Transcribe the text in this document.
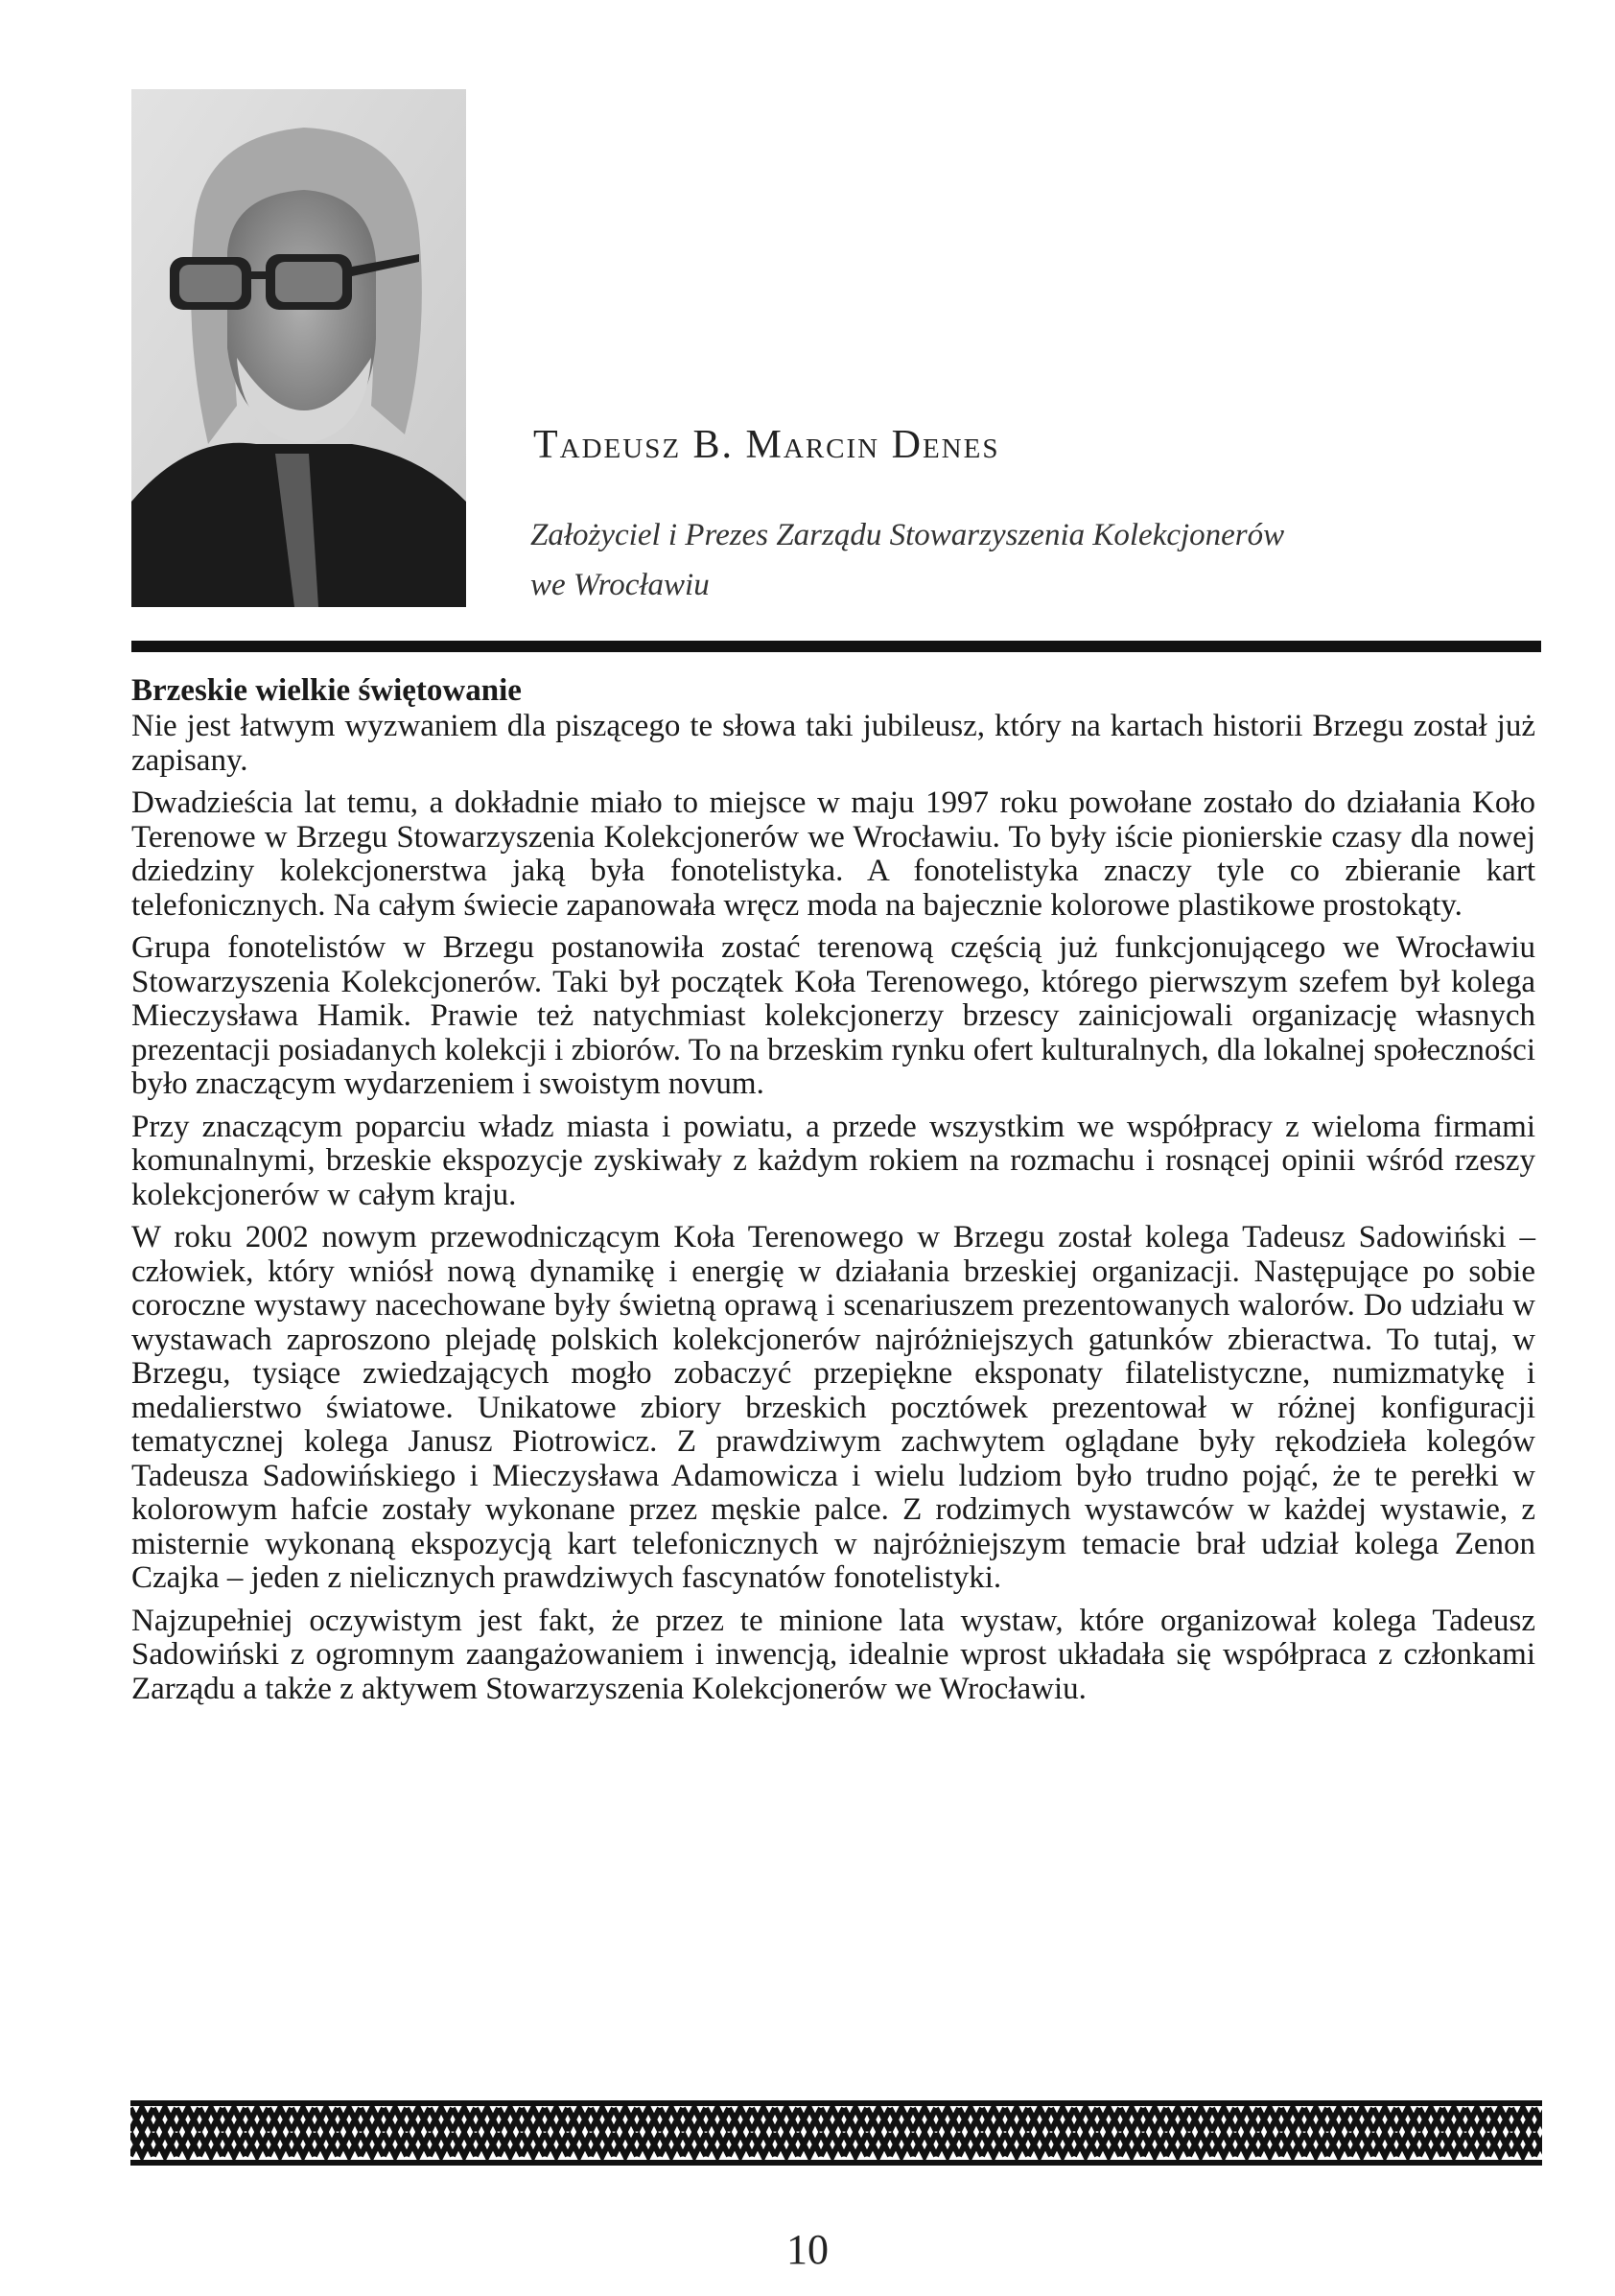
Tadeusz B. Marcin Denes
Założyciel i Prezes Zarządu Stowarzyszenia Kolekcjonerów
we Wrocławiu
Brzeskie wielkie świętowanie

Nie jest łatwym wyzwaniem dla piszącego te słowa taki jubileusz, który na kartach historii Brzegu został już zapisany.

Dwadzieścia lat temu, a dokładnie miało to miejsce w maju 1997 roku powołane zostało do działania Koło Terenowe w Brzegu Stowarzyszenia Kolekcjonerów we Wrocławiu. To były iście pionierskie czasy dla nowej dziedziny kolekcjonerstwa jaką była fonotelistyka. A fonotelistyka znaczy tyle co zbieranie kart telefonicznych. Na całym świecie zapanowała wręcz moda na bajecznie kolorowe plastikowe prostokąty.

Grupa fonotelistów w Brzegu postanowiła zostać terenową częścią już funkcjonującego we Wrocławiu Stowarzyszenia Kolekcjonerów. Taki był początek Koła Terenowego, którego pierwszym szefem był kolega Mieczysława Hamik. Prawie też natychmiast kolekcjonerzy brzescy zainicjowali organizację własnych prezentacji posiadanych kolekcji i zbiorów. To na brzeskim rynku ofert kulturalnych, dla lokalnej społeczności było znaczącym wydarzeniem i swoistym novum.

Przy znaczącym poparciu władz miasta i powiatu, a przede wszystkim we współpracy z wieloma firmami komunalnymi, brzeskie ekspozycje zyskiwały z każdym rokiem na rozmachu i rosnącej opinii wśród rzeszy kolekcjonerów w całym kraju.

W roku 2002 nowym przewodniczącym Koła Terenowego w Brzegu został kolega Tadeusz Sadowiński – człowiek, który wniósł nową dynamikę i energię w działania brzeskiej organizacji. Następujące po sobie coroczne wystawy nacechowane były świetną oprawą i scenariuszem prezentowanych walorów. Do udziału w wystawach zaproszono plejadę polskich kolekcjonerów najróżniejszych gatunków zbieractwa. To tutaj, w Brzegu, tysiące zwiedzających mogło zobaczyć przepiękne eksponaty filatelistyczne, numizmatykę i medalierstwo światowe. Unikatowe zbiory brzeskich pocztówek prezentował w różnej konfiguracji tematycznej kolega Janusz Piotrowicz. Z prawdziwym zachwytem oglądane były rękodzieła kolegów Tadeusza Sadowińskiego i Mieczysława Adamowicza i wielu ludziom było trudno pojąć, że te perełki w kolorowym hafcie zostały wykonane przez męskie palce. Z rodzimych wystawców w każdej wystawie, z misternie wykonaną ekspozycją kart telefonicznych w najróżniejszym temacie brał udział kolega Zenon Czajka – jeden z nielicznych prawdziwych fascynatów fonotelistyki.

Najzupełniej oczywistym jest fakt, że przez te minione lata wystaw, które organizował kolega Tadeusz Sadowiński z ogromnym zaangażowaniem i inwencją, idealnie wprost układała się współpraca z członkami Zarządu a także z aktywem Stowarzyszenia Kolekcjonerów we Wrocławiu.

10
